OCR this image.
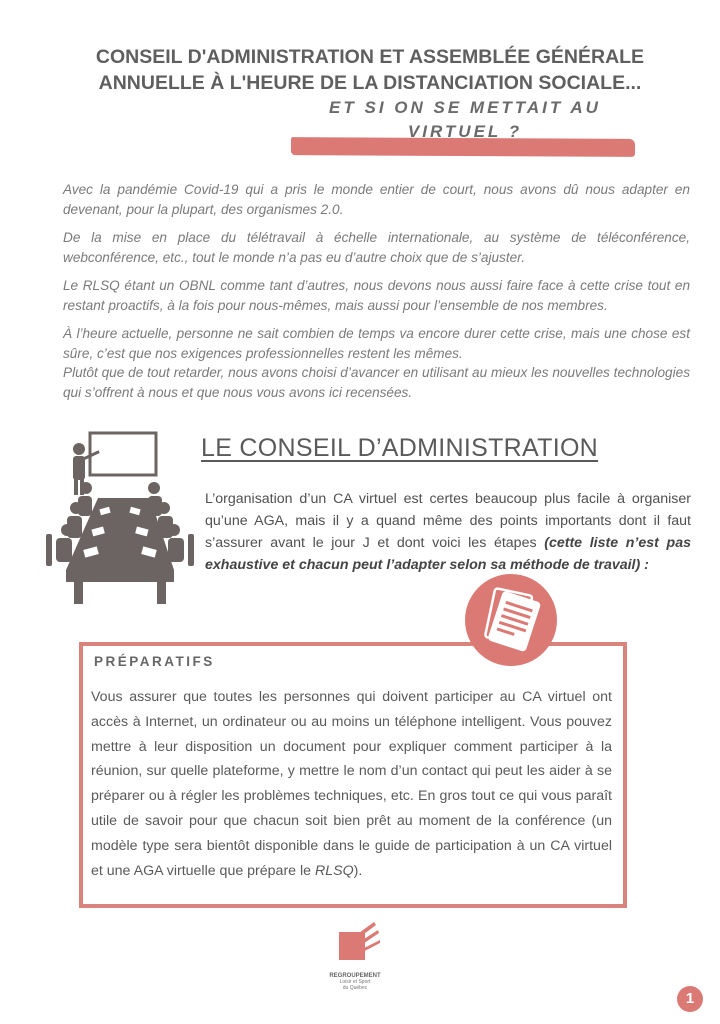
CONSEIL D'ADMINISTRATION ET ASSEMBLÉE GÉNÉRALE
ANNUELLE À L'HEURE DE LA DISTANCIATION SOCIALE...
ET SI ON SE METTAIT AU VIRTUEL ?

Avec la pandémie Covid-19 qui a pris le monde entier de court, nous avons dû nous adapter en devenant, pour la plupart, des organismes 2.0.

De la mise en place du télétravail à échelle internationale, au système de téléconférence, webconférence, etc., tout le monde n’a pas eu d’autre choix que de s’ajuster.

Le RLSQ étant un OBNL comme tant d’autres, nous devons nous aussi faire face à cette crise tout en restant proactifs, à la fois pour nous-mêmes, mais aussi pour l’ensemble de nos membres.

À l’heure actuelle, personne ne sait combien de temps va encore durer cette crise, mais une chose est sûre, c’est que nos exigences professionnelles restent les mêmes.

Plutôt que de tout retarder, nous avons choisi d’avancer en utilisant au mieux les nouvelles technologies qui s’offrent à nous et que nous vous avons ici recensées.

LE CONSEIL D’ADMINISTRATION
L’organisation d’un CA virtuel est certes beaucoup plus facile à organiser qu’une AGA, mais il y a quand même des points importants dont il faut s’assurer avant le jour J et dont voici les étapes (cette liste n’est pas exhaustive et chacun peut l’adapter selon sa méthode de travail) :
PRÉPARATIFS
Vous assurer que toutes les personnes qui doivent participer au CA virtuel ont accès à Internet, un ordinateur ou au moins un téléphone intelligent. Vous pouvez mettre à leur disposition un document pour expliquer comment participer à la réunion, sur quelle plateforme, y mettre le nom d’un contact qui peut les aider à se préparer ou à régler les problèmes techniques, etc. En gros tout ce qui vous paraît utile de savoir pour que chacun soit bien prêt au moment de la conférence (un modèle type sera bientôt disponible dans le guide de participation à un CA virtuel et une AGA virtuelle que prépare le RLSQ).
REGROUPEMENT
Loisir et Sport
du Québec
1
